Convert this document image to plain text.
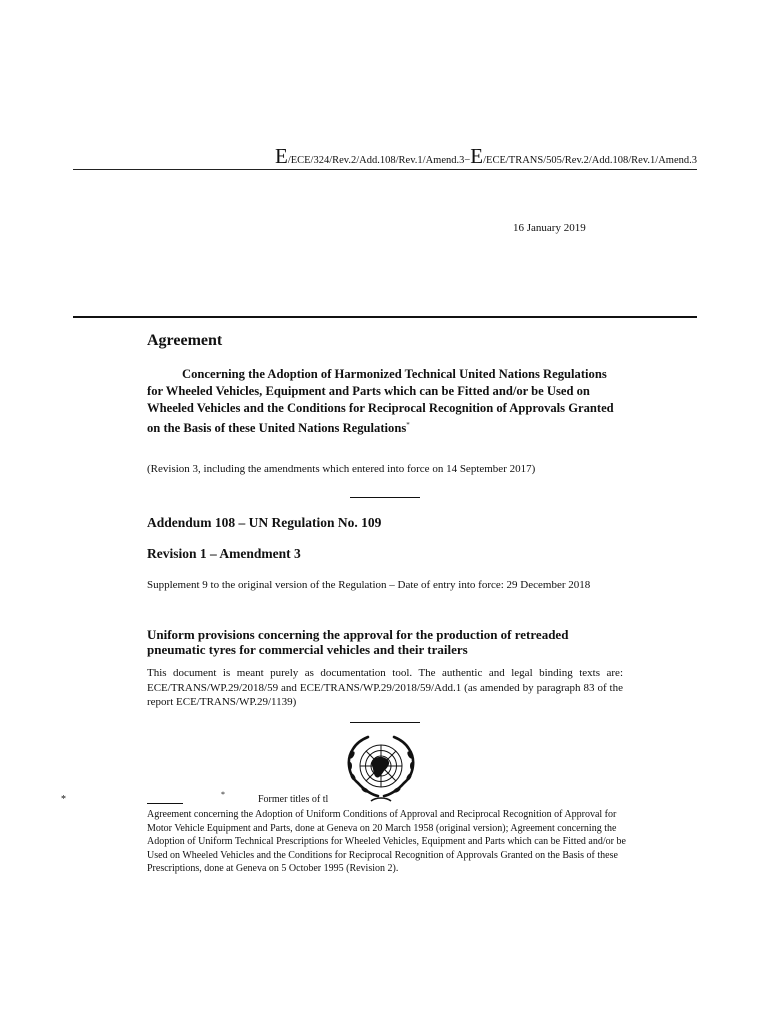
E/ECE/324/Rev.2/Add.108/Rev.1/Amend.3−E/ECE/TRANS/505/Rev.2/Add.108/Rev.1/Amend.3
16 January 2019
Agreement
Concerning the Adoption of Harmonized Technical United Nations Regulations for Wheeled Vehicles, Equipment and Parts which can be Fitted and/or be Used on Wheeled Vehicles and the Conditions for Reciprocal Recognition of Approvals Granted on the Basis of these United Nations Regulations*
(Revision 3, including the amendments which entered into force on 14 September 2017)
Addendum 108 – UN Regulation No. 109
Revision 1 – Amendment 3
Supplement 9 to the original version of the Regulation – Date of entry into force: 29 December 2018
Uniform provisions concerning the approval for the production of retreaded pneumatic tyres for commercial vehicles and their trailers
This document is meant purely as documentation tool. The authentic and legal binding texts are: ECE/TRANS/WP.29/2018/59 and ECE/TRANS/WP.29/2018/59/Add.1 (as amended by paragraph 83 of the report ECE/TRANS/WP.29/1139)
*	*	Former titles of tl
Agreement concerning the Adoption of Uniform Conditions of Approval and Reciprocal Recognition of Approval for Motor Vehicle Equipment and Parts, done at Geneva on 20 March 1958 (original version); Agreement concerning the Adoption of Uniform Technical Prescriptions for Wheeled Vehicles, Equipment and Parts which can be Fitted and/or be Used on Wheeled Vehicles and the Conditions for Reciprocal Recognition of Approvals Granted on the Basis of these Prescriptions, done at Geneva on 5 October 1995 (Revision 2).
